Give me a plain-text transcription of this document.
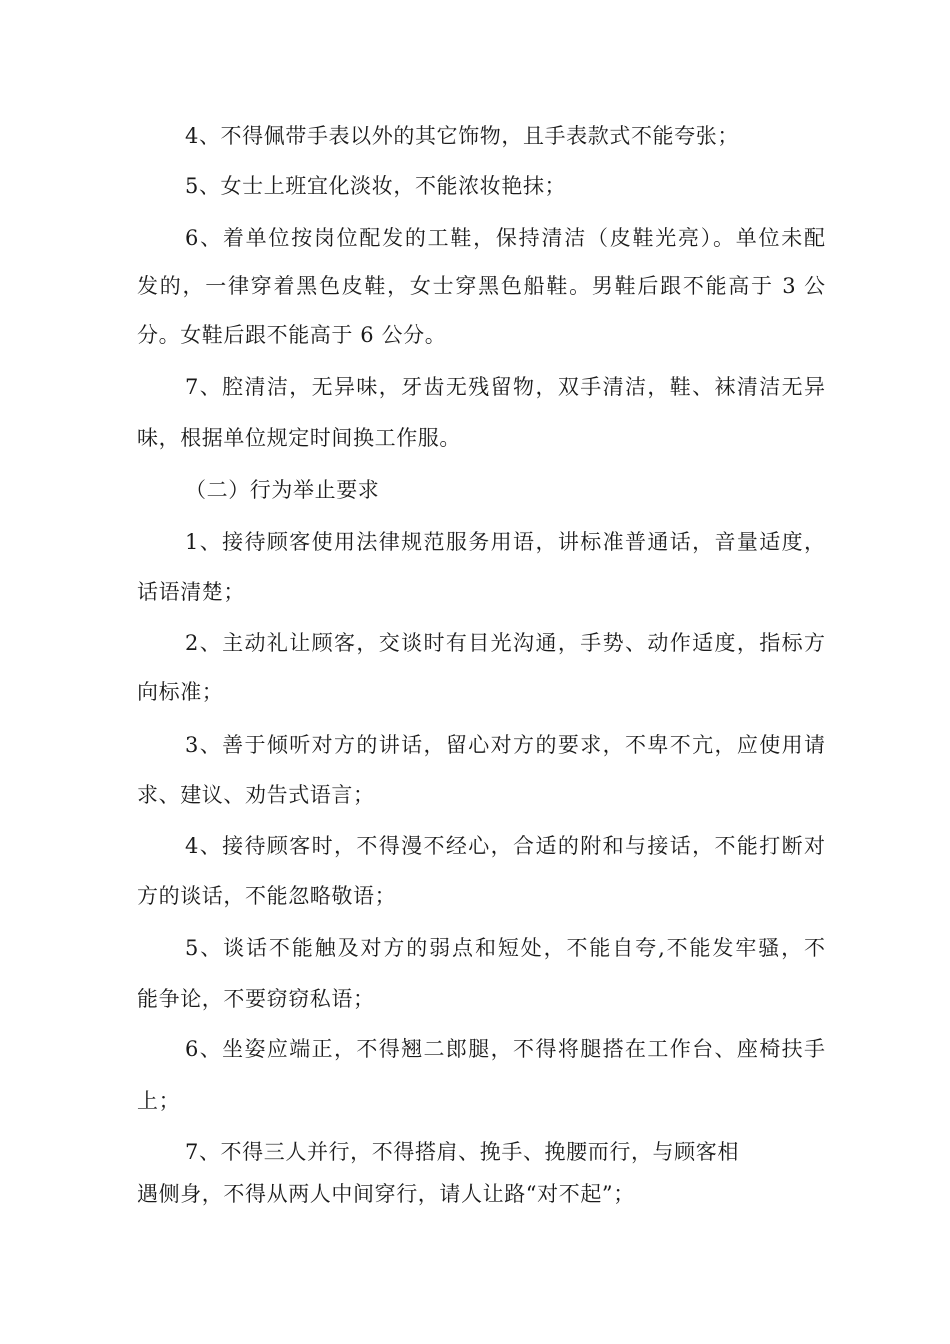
4、不得佩带手表以外的其它饰物，且手表款式不能夸张；
5、女士上班宜化淡妆，不能浓妆艳抹；
6、着单位按岗位配发的工鞋，保持清洁（皮鞋光亮）。单位未配
发的，一律穿着黑色皮鞋，女士穿黑色船鞋。男鞋后跟不能高于 3 公
分。女鞋后跟不能高于 6 公分。
7、腔清洁，无异味，牙齿无残留物，双手清洁，鞋、袜清洁无异
味，根据单位规定时间换工作服。
（二）行为举止要求
1、接待顾客使用法律规范服务用语，讲标准普通话，音量适度，
话语清楚；
2、主动礼让顾客，交谈时有目光沟通，手势、动作适度，指标方
向标准；
3、善于倾听对方的讲话，留心对方的要求，不卑不亢，应使用请
求、建议、劝告式语言；
4、接待顾客时，不得漫不经心，合适的附和与接话，不能打断对
方的谈话，不能忽略敬语；
5、谈话不能触及对方的弱点和短处，不能自夸,不能发牢骚，不
能争论，不要窃窃私语；
6、坐姿应端正，不得翘二郎腿，不得将腿搭在工作台、座椅扶手
上；
7、不得三人并行，不得搭肩、挽手、挽腰而行，与顾客相
遇侧身，不得从两人中间穿行，请人让路“对不起”；
